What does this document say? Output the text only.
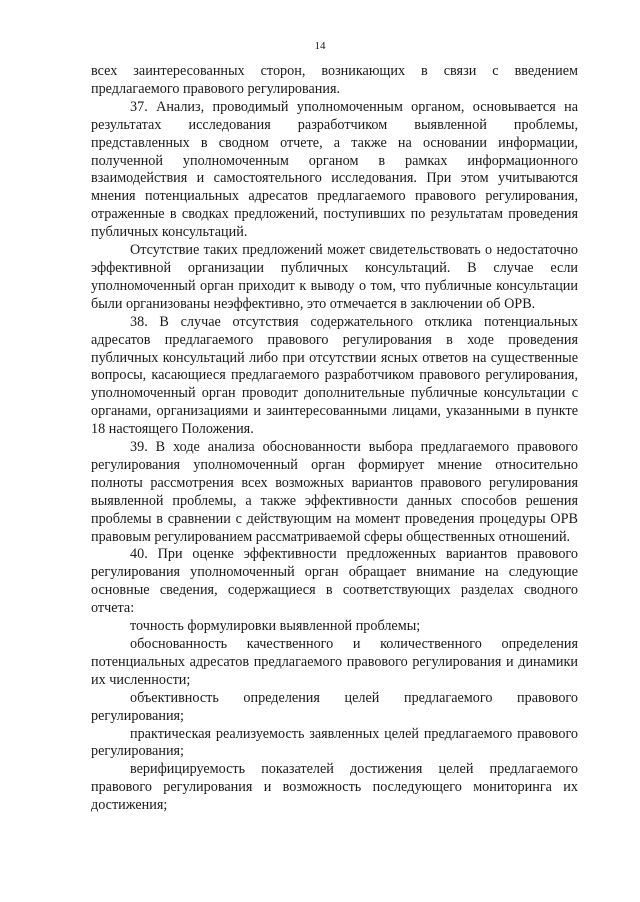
14

всех заинтересованных сторон, возникающих в связи с введением предлагаемого правового регулирования.

37. Анализ, проводимый уполномоченным органом, основывается на результатах исследования разработчиком выявленной проблемы, представленных в сводном отчете, а также на основании информации, полученной уполномоченным органом в рамках информационного взаимодействия и самостоятельного исследования. При этом учитываются мнения потенциальных адресатов предлагаемого правового регулирования, отраженные в сводках предложений, поступивших по результатам проведения публичных консультаций.

Отсутствие таких предложений может свидетельствовать о недостаточно эффективной организации публичных консультаций. В случае если уполномоченный орган приходит к выводу о том, что публичные консультации были организованы неэффективно, это отмечается в заключении об ОРВ.

38. В случае отсутствия содержательного отклика потенциальных адресатов предлагаемого правового регулирования в ходе проведения публичных консультаций либо при отсутствии ясных ответов на существенные вопросы, касающиеся предлагаемого разработчиком правового регулирования, уполномоченный орган проводит дополнительные публичные консультации с органами, организациями и заинтересованными лицами, указанными в пункте 18 настоящего Положения.

39. В ходе анализа обоснованности выбора предлагаемого правового регулирования уполномоченный орган формирует мнение относительно полноты рассмотрения всех возможных вариантов правового регулирования выявленной проблемы, а также эффективности данных способов решения проблемы в сравнении с действующим на момент проведения процедуры ОРВ правовым регулированием рассматриваемой сферы общественных отношений.

40. При оценке эффективности предложенных вариантов правового регулирования уполномоченный орган обращает внимание на следующие основные сведения, содержащиеся в соответствующих разделах сводного отчета:

точность формулировки выявленной проблемы;

обоснованность качественного и количественного определения потенциальных адресатов предлагаемого правового регулирования и динамики их численности;

объективность определения целей предлагаемого правового регулирования;

практическая реализуемость заявленных целей предлагаемого правового регулирования;

верифицируемость показателей достижения целей предлагаемого правового регулирования и возможность последующего мониторинга их достижения;
